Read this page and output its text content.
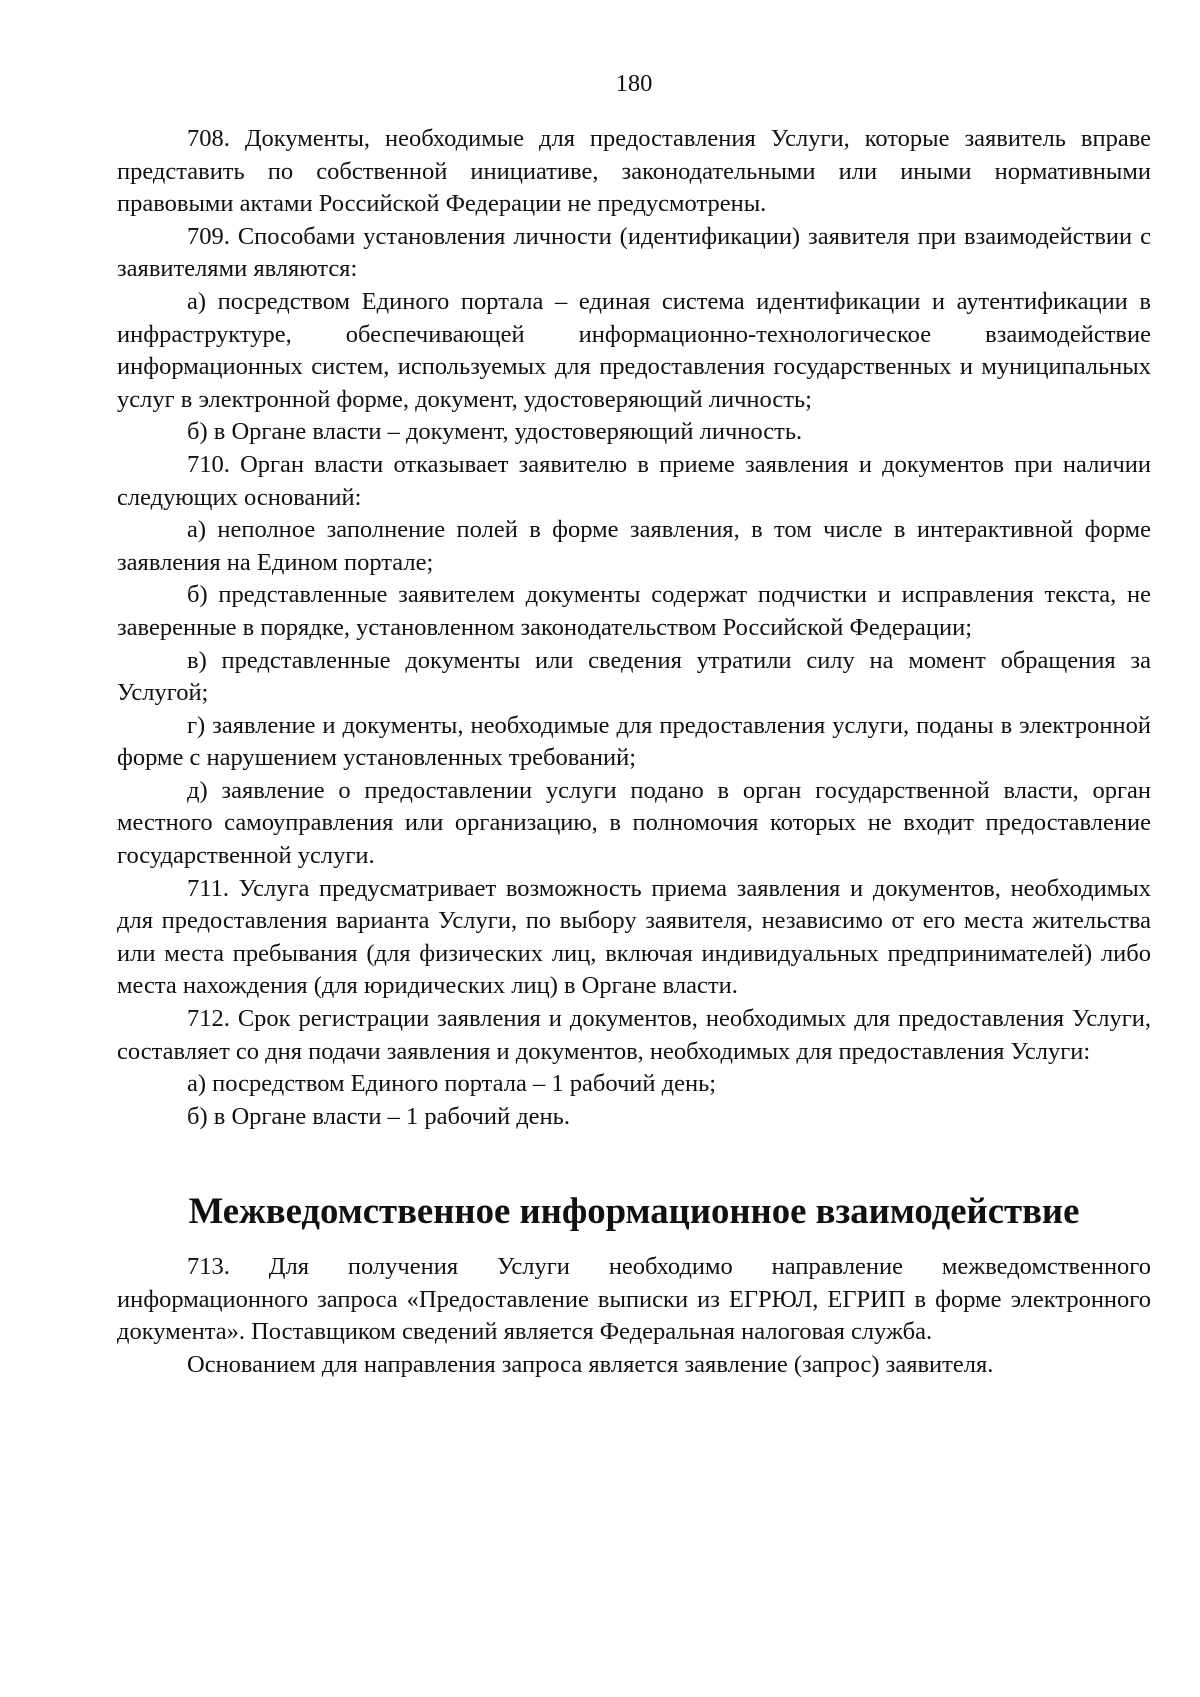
180

708. Документы, необходимые для предоставления Услуги, которые заявитель вправе представить по собственной инициативе, законодательными или иными нормативными правовыми актами Российской Федерации не предусмотрены.

709. Способами установления личности (идентификации) заявителя при взаимодействии с заявителями являются:

а) посредством Единого портала – единая система идентификации и аутентификации в инфраструктуре, обеспечивающей информационно-технологическое взаимодействие информационных систем, используемых для предоставления государственных и муниципальных услуг в электронной форме, документ, удостоверяющий личность;

б) в Органе власти – документ, удостоверяющий личность.

710. Орган власти отказывает заявителю в приеме заявления и документов при наличии следующих оснований:

а) неполное заполнение полей в форме заявления, в том числе в интерактивной форме заявления на Едином портале;

б) представленные заявителем документы содержат подчистки и исправления текста, не заверенные в порядке, установленном законодательством Российской Федерации;

в) представленные документы или сведения утратили силу на момент обращения за Услугой;

г) заявление и документы, необходимые для предоставления услуги, поданы в электронной форме с нарушением установленных требований;

д) заявление о предоставлении услуги подано в орган государственной власти, орган местного самоуправления или организацию, в полномочия которых не входит предоставление государственной услуги.

711. Услуга предусматривает возможность приема заявления и документов, необходимых для предоставления варианта Услуги, по выбору заявителя, независимо от его места жительства или места пребывания (для физических лиц, включая индивидуальных предпринимателей) либо места нахождения (для юридических лиц) в Органе власти.

712. Срок регистрации заявления и документов, необходимых для предоставления Услуги, составляет со дня подачи заявления и документов, необходимых для предоставления Услуги:

а) посредством Единого портала – 1 рабочий день;

б) в Органе власти – 1 рабочий день.

Межведомственное информационное взаимодействие

713. Для получения Услуги необходимо направление межведомственного информационного запроса «Предоставление выписки из ЕГРЮЛ, ЕГРИП в форме электронного документа». Поставщиком сведений является Федеральная налоговая служба.

Основанием для направления запроса является заявление (запрос) заявителя.
